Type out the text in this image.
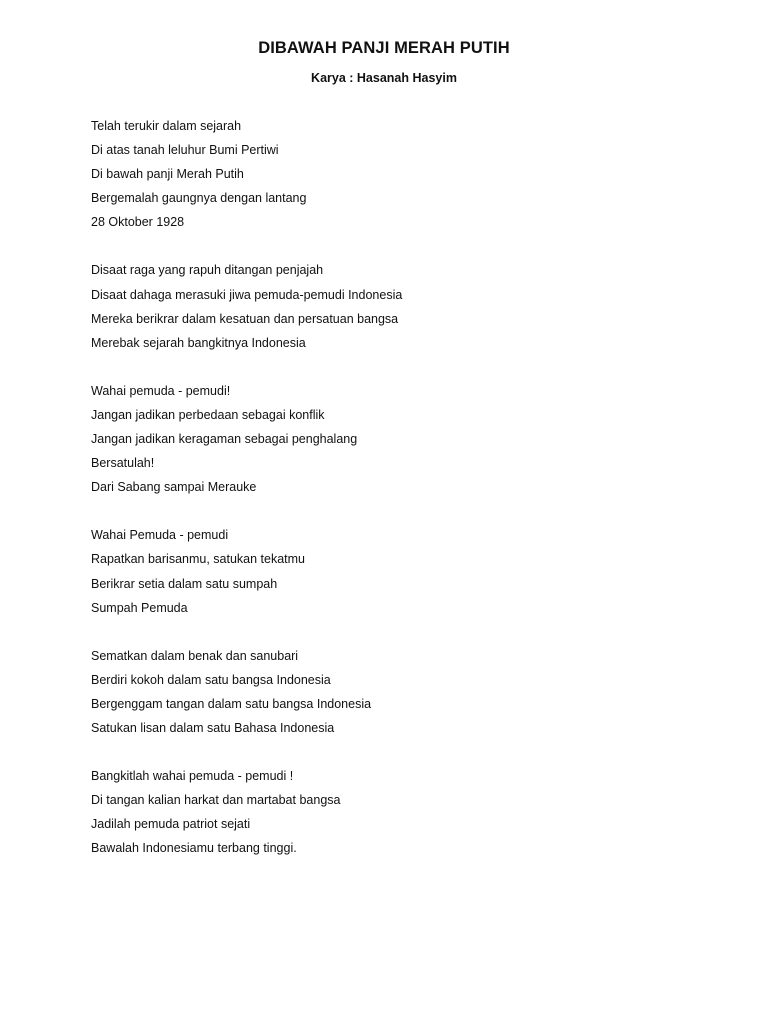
DIBAWAH PANJI MERAH PUTIH

Karya : Hasanah Hasyim

Telah terukir dalam sejarah
Di atas tanah leluhur Bumi Pertiwi
Di bawah panji Merah Putih
Bergemalah gaungnya dengan lantang
28 Oktober 1928
Disaat raga yang rapuh ditangan penjajah
Disaat dahaga merasuki jiwa pemuda-pemudi Indonesia
Mereka berikrar dalam kesatuan dan persatuan bangsa
Merebak sejarah bangkitnya Indonesia
Wahai pemuda - pemudi!
Jangan jadikan perbedaan sebagai konflik
Jangan jadikan keragaman sebagai penghalang
Bersatulah!
Dari Sabang sampai Merauke
Wahai Pemuda - pemudi
Rapatkan barisanmu, satukan tekatmu
Berikrar setia dalam satu sumpah
Sumpah Pemuda
Sematkan dalam benak dan sanubari
Berdiri kokoh dalam satu bangsa Indonesia
Bergenggam tangan dalam satu bangsa Indonesia
Satukan lisan dalam satu Bahasa Indonesia
Bangkitlah wahai pemuda - pemudi !
Di tangan kalian harkat dan martabat bangsa
Jadilah pemuda patriot sejati
Bawalah Indonesiamu terbang tinggi.
